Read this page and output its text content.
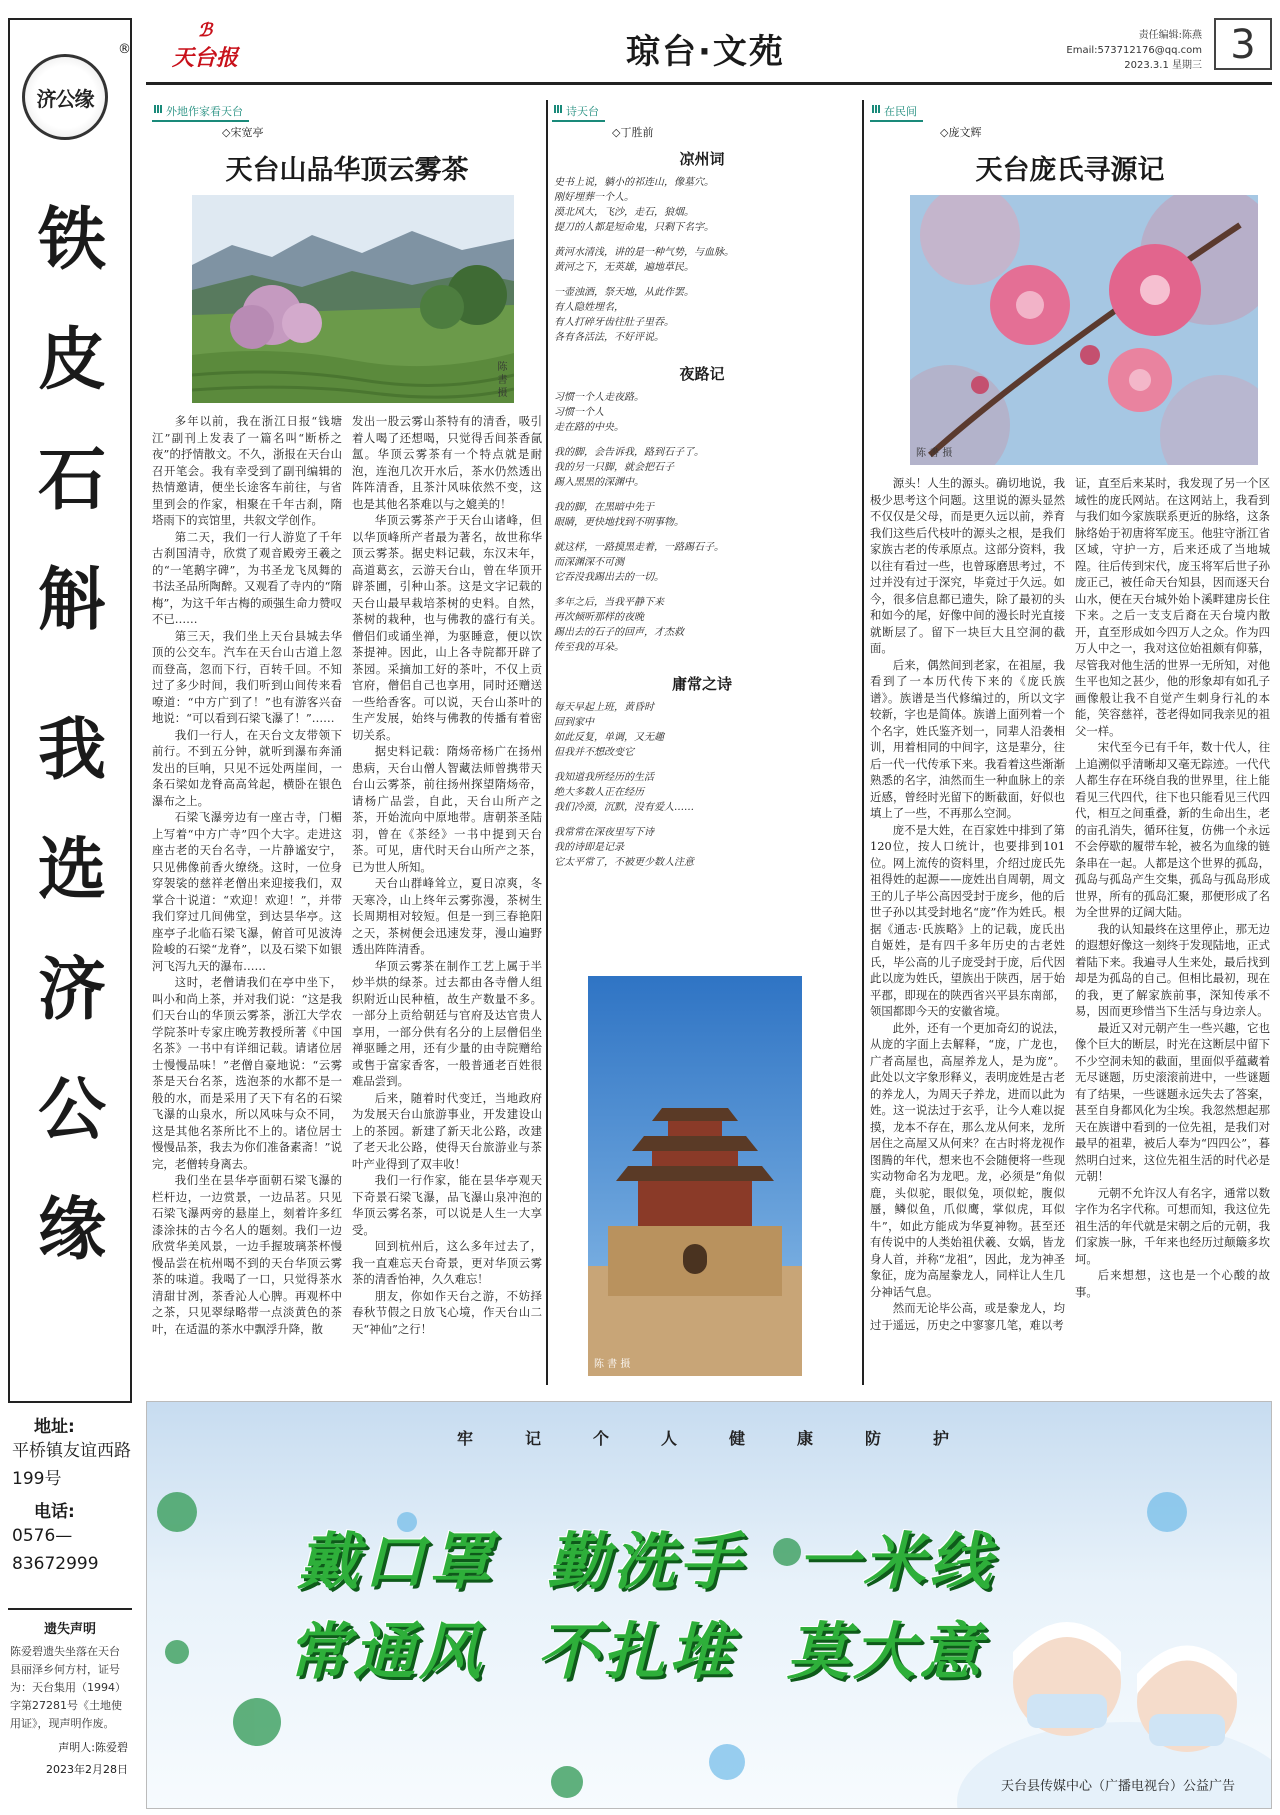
济公缘
®
铁
皮
石
斛
我
选
济
公
缘
地址:
平桥镇友谊西路199号
电话:
0576—83672999
遗失声明
陈爱碧遗失坐落在天台县丽泽乡何方村，证号为：天台集用（1994）字第27281号《土地使用证》，现声明作废。
声明人:陈爱碧
2023年2月28日
ℬ
天台报	琼台·文苑	责任编辑:陈燕
Email:573712176@qq.com
2023.3.1 星期三 3
外地作家看天台
◇宋宽亭
天台山品华顶云雾茶
陈 書 摄

多年以前，我在浙江日报“钱塘江”副刊上发表了一篇名叫“断桥之夜”的抒情散文。不久，浙报在天台山召开笔会。我有幸受到了副刊编辑的热情邀请，便坐长途客车前往，与省里到会的作家，相聚在千年古刹，隋塔雨下的宾馆里，共叙文学创作。

第二天，我们一行人游览了千年古刹国清寺，欣赏了观音殿旁王羲之的“一笔鹅字碑”，为书圣龙飞凤舞的书法圣品所陶醉。又观看了寺内的“隋梅”，为这千年古梅的顽强生命力赞叹不已……

第三天，我们坐上天台县城去华顶的公交车。汽车在天台山古道上忽而登高，忽而下行，百转千回。不知过了多少时间，我们听到山间传来看嘹道：“中方广到了！”也有游客兴奋地说：“可以看到石梁飞瀑了！”……

我们一行人，在天台文友带领下前行。不到五分钟，就听到瀑布奔涌发出的巨响，只见不远处两崖间，一条石梁如龙脊高高耸起，横卧在银色瀑布之上。

石梁飞瀑旁边有一座古寺，门楣上写着“中方广寺”四个大字。走进这座古老的天台名寺，一片静谧安宁，只见佛像前香火缭绕。这时，一位身穿袈裟的慈祥老僧出来迎接我们，双掌合十说道：“欢迎！欢迎！”，并带我们穿过几间佛堂，到达昙华亭。这座亭子北临石梁飞瀑，俯首可见波涛险峻的石梁“龙脊”，以及石梁下如银河飞泻九天的瀑布……

这时，老僧请我们在亭中坐下，叫小和尚上茶，并对我们说：“这是我们天台山的华顶云雾茶，浙江大学农学院茶叶专家庄晚芳教授所著《中国名茶》一书中有详细记载。请诸位居士慢慢品味！”老僧自豪地说：“云雾茶是天台名茶，选泡茶的水都不是一般的水，而是采用了天下有名的石梁飞瀑的山泉水，所以风味与众不同，这是其他名茶所比不上的。诸位居士慢慢品茶，我去为你们准备素斋！”说完，老僧转身离去。

我们坐在昙华亭面朝石梁飞瀑的栏杆边，一边赏景，一边品茗。只见石梁飞瀑两旁的悬崖上，刻着许多红漆涂抹的古今名人的题刻。我们一边欣赏华美风景，一边手握玻璃茶杯慢慢品尝在杭州喝不到的天台华顶云雾茶的味道。我喝了一口，只觉得茶水清甜甘冽，茶香沁人心脾。再观杯中之茶，只见翠绿略带一点淡黄色的茶叶，在适温的茶水中飘浮升降，散

发出一股云雾山茶特有的清香，吸引着人喝了还想喝，只觉得舌间茶香氤氲。华顶云雾茶有一个特点就是耐泡，连泡几次开水后，茶水仍然透出阵阵清香，且茶汁风味依然不变，这也是其他名茶难以与之媲美的！

华顶云雾茶产于天台山诸峰，但以华顶峰所产者最为著名，故世称华顶云雾茶。据史料记载，东汉末年，高道葛玄，云游天台山，曾在华顶开辟茶圃，引种山茶。这是文字记载的天台山最早栽培茶树的史料。自然，茶树的栽种，也与佛教的盛行有关。僧侣们或诵坐禅，为驱睡意，便以饮茶提神。因此，山上各寺院都开辟了茶园。采摘加工好的茶叶，不仅上贡官府，僧侣自己也享用，同时还赠送一些给香客。可以说，天台山茶叶的生产发展，始终与佛教的传播有着密切关系。

据史料记载：隋炀帝杨广在扬州患病，天台山僧人智藏法师曾携带天台山云雾茶，前往扬州探望隋炀帝，请杨广品尝，自此，天台山所产之茶，开始流向中原地带。唐朝茶圣陆羽，曾在《茶经》一书中提到天台茶。可见，唐代时天台山所产之茶，已为世人所知。

天台山群峰耸立，夏日凉爽，冬天寒冷，山上终年云雾弥漫，茶树生长周期相对较短。但是一到三春艳阳之天，茶树便会迅速发芽，漫山遍野透出阵阵清香。

华顶云雾茶在制作工艺上属于半炒半烘的绿茶。过去都由各寺僧人组织附近山民种植，故生产数量不多。一部分上贡给朝廷与官府及达官贵人享用，一部分供有名分的上层僧侣坐禅驱睡之用，还有少量的由寺院赠给或售于富家香客，一般普通老百姓很难品尝到。

后来，随着时代变迁，当地政府为发展天台山旅游事业，开发建设山上的茶园。新建了新天北公路，改建了老天北公路，使得天台旅游业与茶叶产业得到了双丰收！

我们一行作家，能在昙华亭观天下奇景石梁飞瀑，品飞瀑山泉冲泡的华顶云雾名茶，可以说是人生一大享受。

回到杭州后，这么多年过去了，我一直难忘天台奇景，更对华顶云雾茶的清香怡神，久久难忘！

朋友，你如作天台之游，不妨择春秋节假之日放飞心境，作天台山二天“神仙”之行！

诗天台
◇丁胜前
凉州词
史书上说，躺小的祁连山，像墓穴。
刚好埋葬一个人。
漠北风大，飞沙，走石，狼烟。
提刀的人都是短命鬼，只剩下名字。
黄河水清浅，讲的是一种气势，与血脉。
黄河之下，无英雄，遍地草民。
一壶浊酒，祭天地，从此作罢。
有人隐姓埋名，
有人打碎牙齿往肚子里吞。
各有各活法，不好评说。
夜路记
习惯一个人走夜路。
习惯一个人
走在路的中央。
我的脚，会告诉我，路到石子了。
我的另一只脚，就会把石子
踢入黑黑的深渊中。
我的脚，在黑暗中先于
眼睛，更快地找到不明事物。
就这样，一路摸黑走着，一路踢石子。
而深渊深不可测
它吞没我踢出去的一切。
多年之后，当我平静下来
再次倾听那样的夜晚
踢出去的石子的回声，才杰救
传至我的耳朵。
庸常之诗
每天早起上班，黄昏时
回到家中
如此反复，单调，又无趣
但我并不想改变它
我知道我所经历的生活
绝大多数人正在经历
我们冷漠，沉默，没有爱人……
我常常在深夜里写下诗
我的诗即是记录
它太平常了，不被更少数人注意
陈 書 摄
在民间
◇庞文辉
天台庞氏寻源记
陈 書 摄

源头！人生的源头。确切地说，我极少思考这个问题。这里说的源头显然不仅仅是父母，而是更久远以前，养育我们这些后代枝叶的源头之根，是我们家族古老的传承原点。这部分资料，我以往有看过一些，也曾琢磨思考过，不过并没有过于深究，毕竟过于久远。如今，很多信息都已遗失，除了最初的头和如今的尾，好像中间的漫长时光直接就断层了。留下一块巨大且空洞的截面。

后来，偶然间到老家，在祖屋，我看到了一本历代传下来的《庞氏族谱》。族谱是当代修编过的，所以文字较新，字也是简体。族谱上面列着一个个名字，姓氏鉴齐划一，同辈人沿袭相训，用着相同的中间字，这是辈分，往后一代一代传承下来。我看着这些渐渐熟悉的名字，油然而生一种血脉上的亲近感，曾经时光留下的断截面，好似也填上了一些，不再那么空洞。

庞不是大姓，在百家姓中排到了第120位，按人口统计，也要排到101位。网上流传的资料里，介绍过庞氏先祖得姓的起源——庞姓出自周朝，周文王的儿子毕公高因受封于庞乡，他的后世子孙以其受封地名“庞”作为姓氏。根据《通志·氏族略》上的记载，庞氏出自姬姓，是有四千多年历史的古老姓氏，毕公高的儿子庞受封于庞，后代因此以庞为姓氏，望族出于陕西，居于始平郡，即现在的陕西省兴平县东南部，领国都即今天的安徽省境。

此外，还有一个更加奇幻的说法，从庞的字面上去解释，“庞，广龙也，广者高屋也，高屋养龙人，是为庞”。此处以文字象形释义，表明庞姓是古老的养龙人，为周天子养龙，进而以此为姓。这一说法过于玄乎，让今人难以捉摸，龙本不存在，那么龙从何来，龙所居住之高屋又从何来？在古时将龙视作图腾的年代，想来也不会随便将一些现实动物命名为龙吧。龙，必须是“角似鹿，头似驼，眼似兔，项似蛇，腹似蜃，鳞似鱼，爪似鹰，掌似虎，耳似牛”，如此方能成为华夏神物。甚至还有传说中的人类始祖伏羲、女娲，皆龙身人首，并称“龙祖”，因此，龙为神圣象征，庞为高屋豢龙人，同样让人生几分神话气息。

然而无论毕公高，或是豢龙人，均过于遥远，历史之中寥寥几笔，难以考

证，直至后来某时，我发现了另一个区域性的庞氏网站。在这网站上，我看到与我们如今家族联系更近的脉络，这条脉络始于初唐将军庞玉。他驻守浙江省区域，守护一方，后来还成了当地城隍。往后传到宋代，庞玉将军后世子孙庞正己，被任命天台知县，因而逐天台山水，便在天台城外始卜溪畔建房长住下来。之后一支支后裔在天台境内散开，直至形成如今四万人之众。作为四万人中之一，我对这位始祖颇有仰慕，尽管我对他生活的世界一无所知，对他生平也知之甚少，他的形象却有如孔子画像般让我不自觉产生刺身行礼的本能，笑容慈祥，苍老得如同我亲见的祖父一样。

宋代至今已有千年，数十代人，往上追溯似乎清晰却又毫无踪迹。一代代人都生存在环绕自我的世界里，往上能看见三代四代，往下也只能看见三代四代，相互之间重叠，新的生命出生，老的亩孔消失，循环往复，仿佛一个永远不会停歇的履带车轮，被名为血缘的链条串在一起。人都是这个世界的孤岛，孤岛与孤岛产生交集，孤岛与孤岛形成世界，所有的孤岛汇聚，那便形成了名为全世界的辽阔大陆。

我的认知最终在这里停止，那无边的遐想好像这一刻终于发现陆地，正式着陆下来。我遍寻人生来处，最后找到却是为孤岛的自己。但相比最初，现在的我，更了解家族前事，深知传承不易，因而更珍惜当下生活与身边亲人。

最近又对元朝产生一些兴趣，它也像个巨大的断层，时光在这断层中留下不少空洞未知的截面，里面似乎蕴藏着无尽谜题，历史滚滚前进中，一些谜题有了结果，一些谜题永远失去了答案，甚至自身都风化为尘埃。我忽然想起那天在族谱中看到的一位先祖，是我们对最早的祖辈，被后人奉为“四四公”，暮然明白过来，这位先祖生活的时代必是元朝！

元朝不允许汉人有名字，通常以数字作为名字代称。可想而知，我这位先祖生活的年代就是宋朝之后的元朝，我们家族一脉，千年来也经历过颠簸多坎坷。

后来想想，这也是一个心酸的故事。

牢记个人健康防护
戴口罩 勤洗手 一米线
常通风 不扎堆 莫大意
天台县传媒中心（广播电视台）公益广告
